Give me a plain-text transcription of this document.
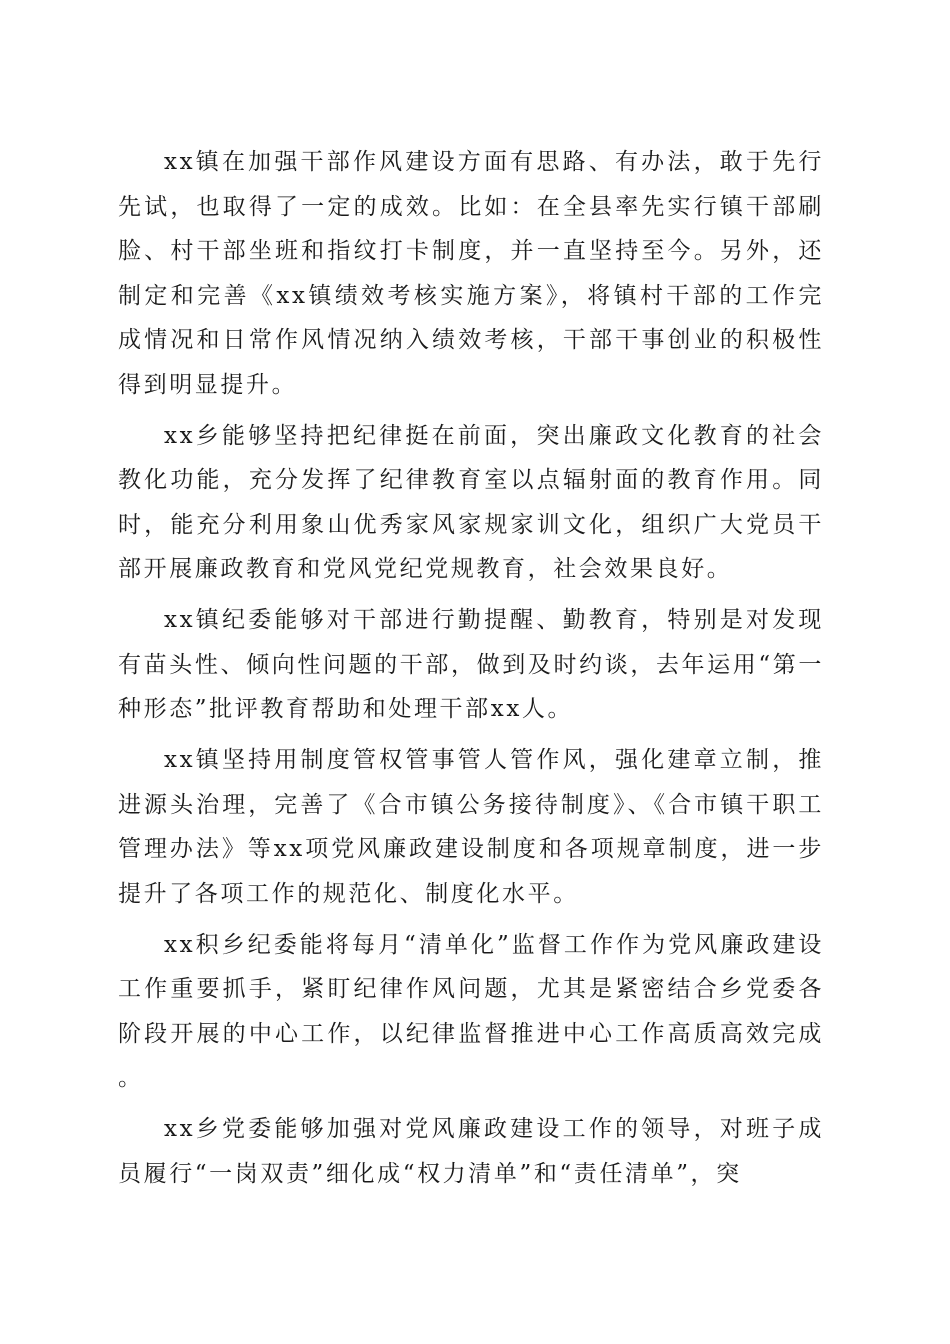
xx镇在加强干部作风建设方面有思路、有办法，敢于先行先试，也取得了一定的成效。比如：在全县率先实行镇干部刷脸、村干部坐班和指纹打卡制度，并一直坚持至今。另外，还制定和完善《xx镇绩效考核实施方案》，将镇村干部的工作完成情况和日常作风情况纳入绩效考核，干部干事创业的积极性得到明显提升。

xx乡能够坚持把纪律挺在前面，突出廉政文化教育的社会教化功能，充分发挥了纪律教育室以点辐射面的教育作用。同时，能充分利用象山优秀家风家规家训文化，组织广大党员干部开展廉政教育和党风党纪党规教育，社会效果良好。

xx镇纪委能够对干部进行勤提醒、勤教育，特别是对发现有苗头性、倾向性问题的干部，做到及时约谈，去年运用“第一种形态”批评教育帮助和处理干部xx人。

xx镇坚持用制度管权管事管人管作风，强化建章立制，推进源头治理，完善了《合市镇公务接待制度》、《合市镇干职工管理办法》等xx项党风廉政建设制度和各项规章制度，进一步提升了各项工作的规范化、制度化水平。

xx积乡纪委能将每月“清单化”监督工作作为党风廉政建设工作重要抓手，紧盯纪律作风问题，尤其是紧密结合乡党委各阶段开展的中心工作，以纪律监督推进中心工作高质高效完成。

xx乡党委能够加强对党风廉政建设工作的领导，对班子成员履行“一岗双责”细化成“权力清单”和“责任清单”，突
